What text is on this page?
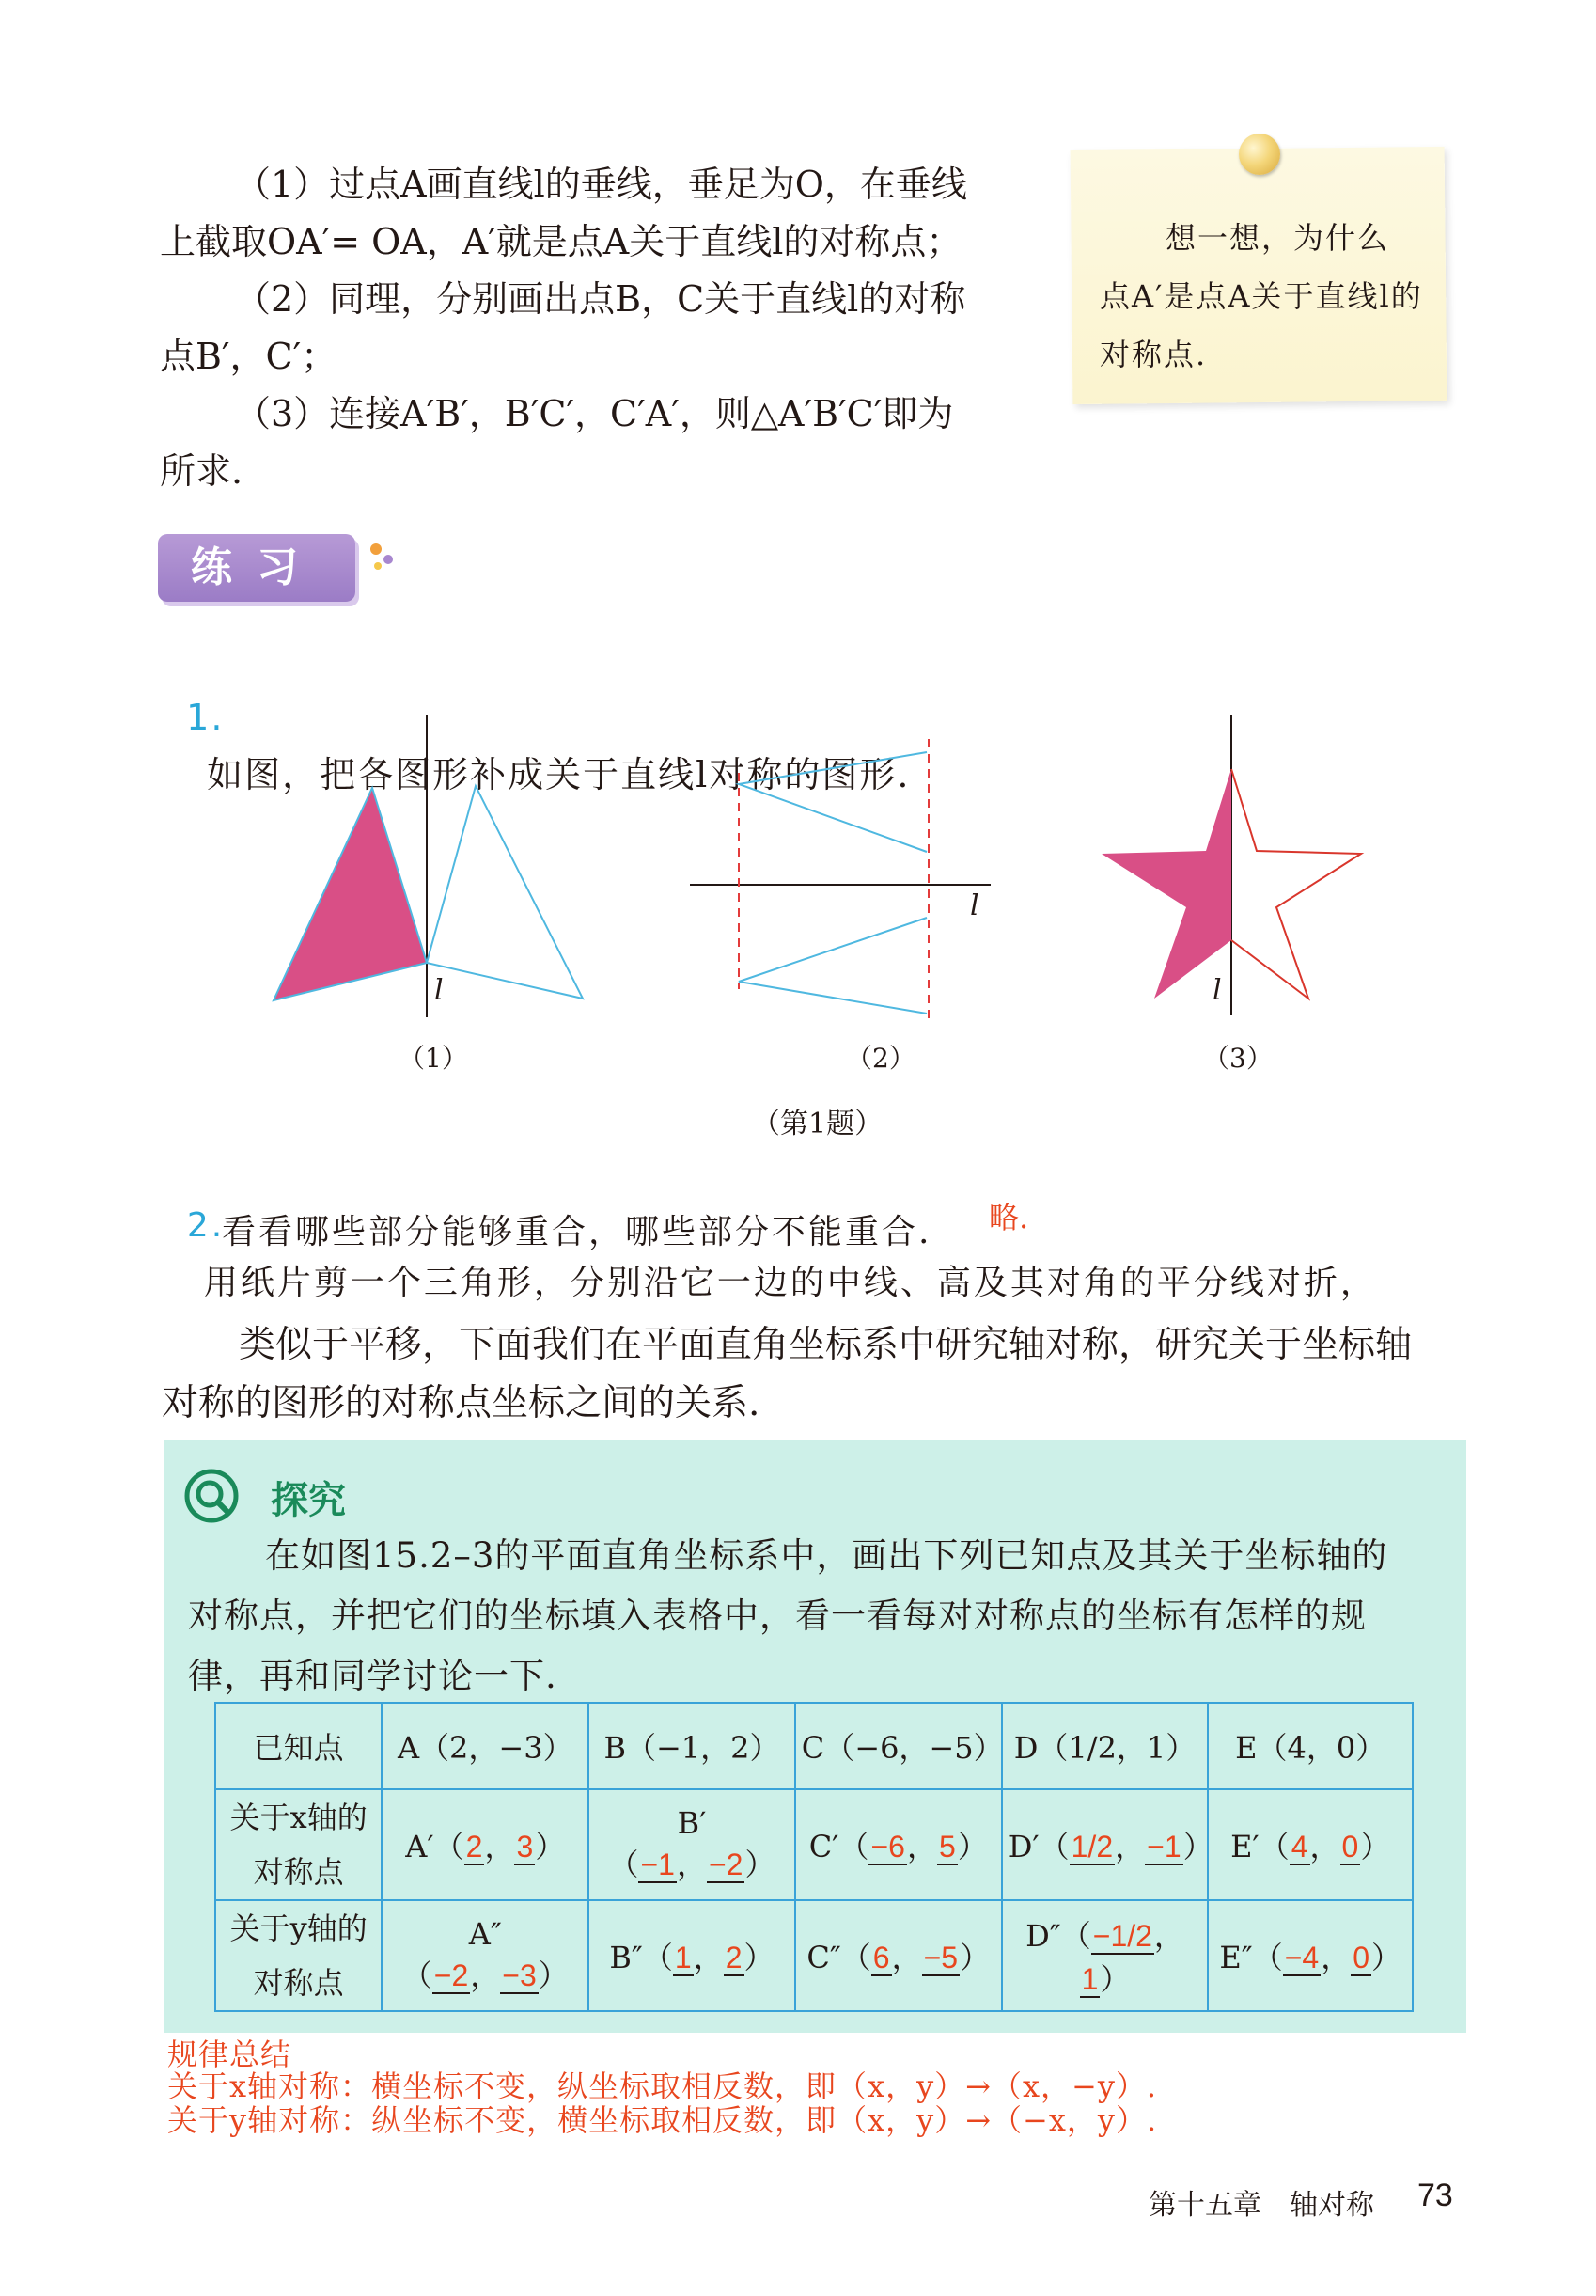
（1）过点A画直线l的垂线，垂足为O，在垂线
上截取OA′= OA，A′就是点A关于直线l的对称点；
（2）同理，分别画出点B，C关于直线l的对称
点B′，C′；
（3）连接A′B′，B′C′，C′A′，则△A′B′C′即为
所求.
想一想，为什么
点A′是点A关于直线l的
对称点.
练习

1.
如图，把各图形补成关于直线l对称的图形.

l
l
l
（1）	（2）	（3）
（第1题）

2.
用纸片剪一个三角形，分别沿它一边的中线、高及其对角的平分线对折，

看看哪些部分能够重合，哪些部分不能重合. 略.
类似于平移，下面我们在平面直角坐标系中研究轴对称，研究关于坐标轴
对称的图形的对称点坐标之间的关系.
探究
在如图15.2–3的平面直角坐标系中，画出下列已知点及其关于坐标轴的
对称点，并把它们的坐标填入表格中，看一看每对对称点的坐标有怎样的规
律，再和同学讨论一下.
已知点	A（2，−3）	B（−1，2）	C（−6，−5）	D（1/2，1）	E（4，0）

关于x轴的
对称点	A′（2，3）	B′（−1，−2）	C′（−6，5）	D′（1/2，−1）	E′（4，0）

关于y轴的
对称点	A″（−2，−3）	B″（1，2）	C″（6，−5）	D″（−1/2，1）	E″（−4，0）
规律总结
关于x轴对称：横坐标不变，纵坐标取相反数，即（x，y）→（x，−y）.
关于y轴对称：纵坐标不变，横坐标取相反数，即（x，y）→（−x，y）.
第十五章　轴对称 73
